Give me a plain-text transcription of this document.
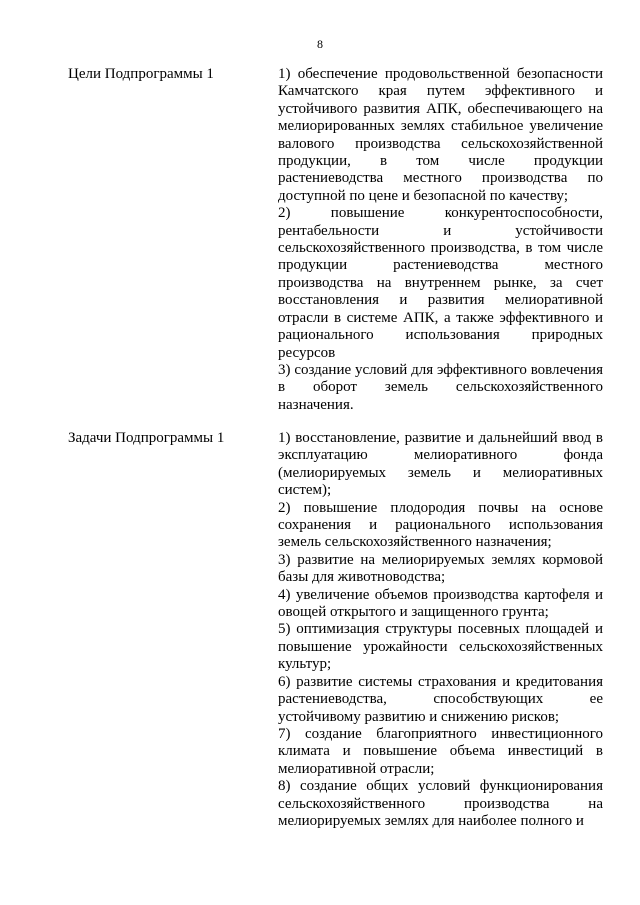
8
Цели Подпрограммы 1	1) обеспечение продовольственной безопасности Камчатского края путем эффективного и устойчивого развития АПК, обеспечивающего на мелиорированных землях стабильное увеличение валового производства сельскохозяйственной продукции, в том числе продукции растениеводства местного производства по доступной по цене и безопасной по качеству;

2) повышение конкурентоспособности, рентабельности и устойчивости сельскохозяйственного производства, в том числе продукции растениеводства местного производства на внутреннем рынке, за счет восстановления и развития мелиоративной отрасли в системе АПК, а также эффективного и рационального использования природных ресурсов

3) создание условий для эффективного вовлечения в оборот земель сельскохозяйственного назначения.

Задачи Подпрограммы 1	1) восстановление, развитие и дальнейший ввод в эксплуатацию мелиоративного фонда (мелиорируемых земель и мелиоративных систем);

2) повышение плодородия почвы на основе сохранения и рационального использования земель сельскохозяйственного назначения;

3) развитие на мелиорируемых землях кормовой базы для животноводства;

4) увеличение объемов производства картофеля и овощей открытого и защищенного грунта;

5) оптимизация структуры посевных площадей и повышение урожайности сельскохозяйственных культур;

6) развитие системы страхования и кредитования растениеводства, способствующих ее устойчивому развитию и снижению рисков;

7) создание благоприятного инвестиционного климата и повышение объема инвестиций в мелиоративной отрасли;

8) создание общих условий функционирования сельскохозяйственного производства на мелиорируемых землях для наиболее полного и
